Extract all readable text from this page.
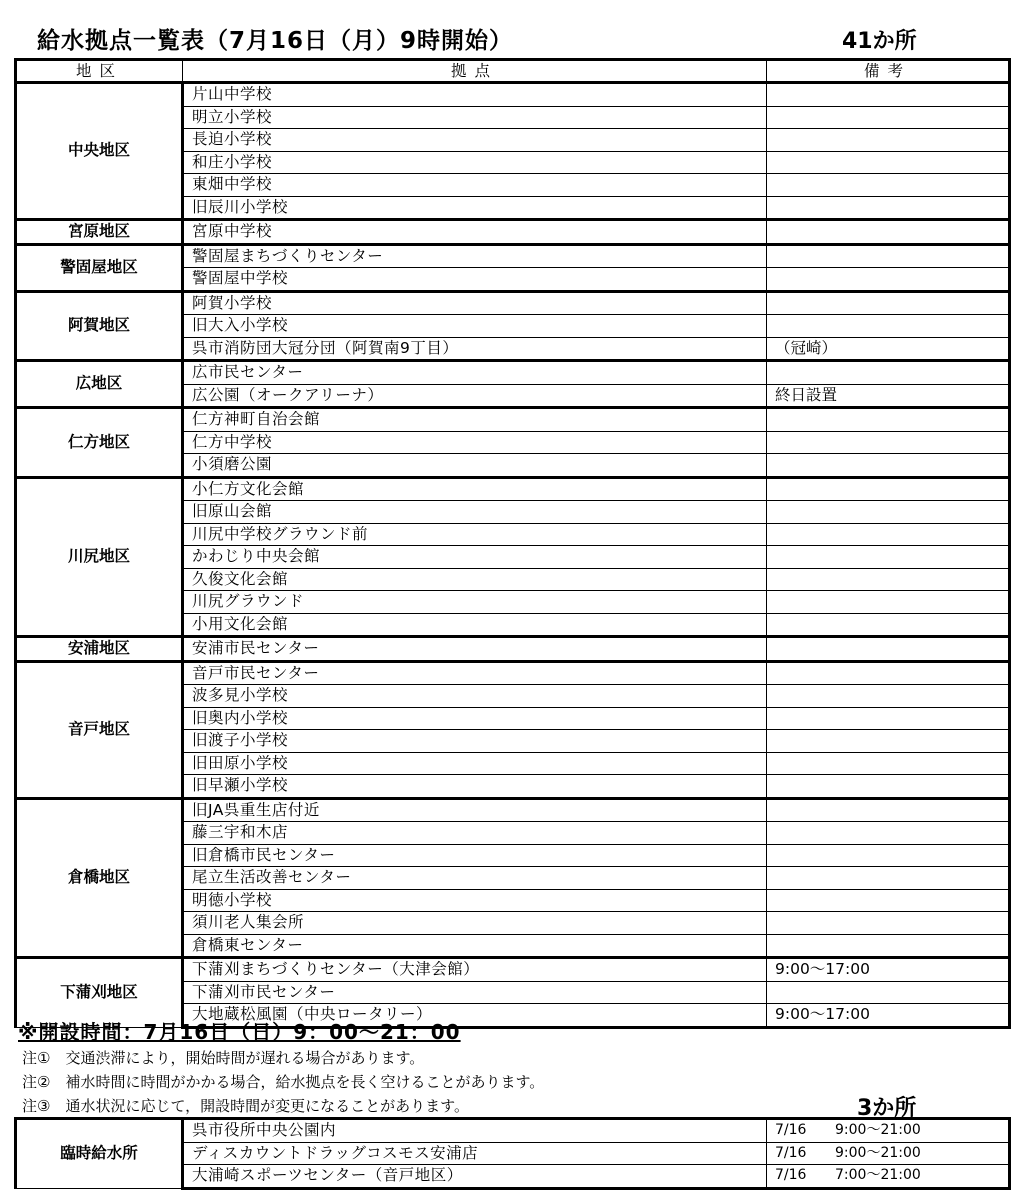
給水拠点一覧表（7月16日（月）9時開始）	41か所
地区	拠点	備考
中央地区	片山中学校	
	明立小学校	
	長迫小学校	
	和庄小学校	
	東畑中学校	
	旧辰川小学校	
宮原地区	宮原中学校	
警固屋地区	警固屋まちづくりセンター	
	警固屋中学校	
阿賀地区	阿賀小学校	
	旧大入小学校	
	呉市消防団大冠分団（阿賀南9丁目）	（冠崎）
広地区	広市民センター	
	広公園（オークアリーナ）	終日設置
仁方地区	仁方神町自治会館	
	仁方中学校	
	小須磨公園	
川尻地区	小仁方文化会館	
	旧原山会館	
	川尻中学校グラウンド前	
	かわじり中央会館	
	久俊文化会館	
	川尻グラウンド	
	小用文化会館	
安浦地区	安浦市民センター	
音戸地区	音戸市民センター	
	波多見小学校	
	旧奥内小学校	
	旧渡子小学校	
	旧田原小学校	
	旧早瀬小学校	
倉橋地区	旧JA呉重生店付近	
	藤三宇和木店	
	旧倉橋市民センター	
	尾立生活改善センター	
	明徳小学校	
	須川老人集会所	
	倉橋東センター	
下蒲刈地区	下蒲刈まちづくりセンター（大津会館）	9:00～17:00
	下蒲刈市民センター	
	大地蔵松風園（中央ロータリー）	9:00～17:00
※開設時間：7月16日（日）9：00～21：00
注①　交通渋滞により，開始時間が遅れる場合があります。
注②　補水時間に時間がかかる場合，給水拠点を長く空けることがあります。
注③　通水状況に応じて，開設時間が変更になることがあります。	3か所
臨時給水所	呉市役所中央公園内	7/16 9:00～21:00
	ディスカウントドラッグコスモス安浦店	7/16 9:00～21:00
	大浦崎スポーツセンター（音戸地区）	7/16 7:00～21:00
